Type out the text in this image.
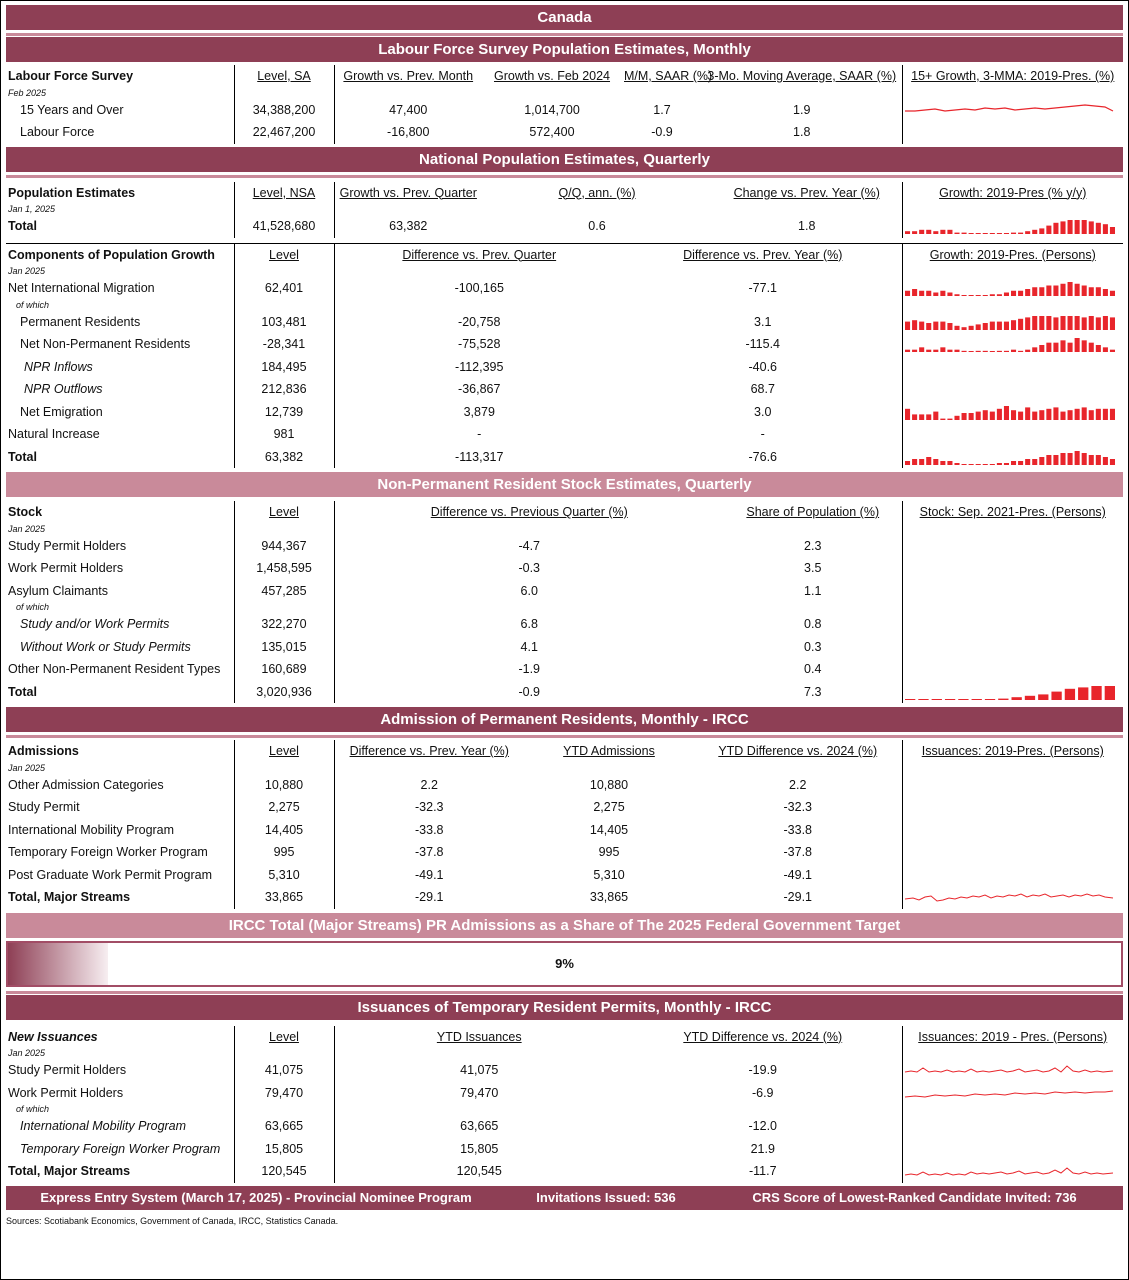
Canada
Labour Force Survey Population Estimates, Monthly
Labour Force Survey	Level, SA	Growth vs. Prev. Month	Growth vs. Feb 2024	M/M, SAAR (%)	3-Mo. Moving Average, SAAR (%)	15+ Growth, 3-MMA: 2019-Pres. (%)
Feb 2025				

15 Years and Over	34,388,200	47,400	1,014,700	1.7	1.9	
Labour Force	22,467,200	-16,800	572,400	-0.9	1.8	
National Population Estimates, Quarterly
Population Estimates	Level, NSA	Growth vs. Prev. Quarter	Q/Q, ann. (%)	Change vs. Prev. Year (%)	Growth: 2019-Pres (% y/y)
Jan 1, 2025					
Total	41,528,680	63,382	0.6	1.8	
Components of Population Growth	Level	Difference vs. Prev. Quarter	Difference vs. Prev. Year (%)	Growth: 2019-Pres. (Persons)
Jan 2025				
Net International Migration	62,401	-100,165	-77.1	

of which				
Permanent Residents	103,481	-20,758	3.1	

Net Non-Permanent Residents	-28,341	-75,528	-115.4	

NPR Inflows	184,495	-112,395	-40.6	
NPR Outflows	212,836	-36,867	68.7	
Net Emigration	12,739	3,879	3.0	

Natural Increase	981	-	-	
Total	63,382	-113,317	-76.6	
Non-Permanent Resident Stock Estimates, Quarterly
Stock	Level	Difference vs. Previous Quarter (%)	Share of Population (%)	Stock: Sep. 2021-Pres. (Persons)
Jan 2025				
Study Permit Holders	944,367	-4.7	2.3	
Work Permit Holders	1,458,595	-0.3	3.5	
Asylum Claimants	457,285	6.0	1.1	
of which				
Study and/or Work Permits	322,270	6.8	0.8	
Without Work or Study Permits	135,015	4.1	0.3	
Other Non-Permanent Resident Types	160,689	-1.9	0.4	
Total	3,020,936	-0.9	7.3	
Admission of Permanent Residents, Monthly - IRCC
Admissions	Level	Difference vs. Prev. Year (%)	YTD Admissions	YTD Difference vs. 2024 (%)	Issuances: 2019-Pres. (Persons)
Jan 2025					
Other Admission Categories	10,880	2.2	10,880	2.2	
Study Permit	2,275	-32.3	2,275	-32.3	
International Mobility Program	14,405	-33.8	14,405	-33.8	
Temporary Foreign Worker Program	995	-37.8	995	-37.8	
Post Graduate Work Permit Program	5,310	-49.1	5,310	-49.1	
Total, Major Streams	33,865	-29.1	33,865	-29.1	
IRCC Total (Major Streams) PR Admissions as a Share of The 2025 Federal Government Target
9%
Issuances of Temporary Resident Permits, Monthly - IRCC
New Issuances	Level	YTD Issuances	YTD Difference vs. 2024 (%)	Issuances: 2019 - Pres. (Persons)
Jan 2025				
Study Permit Holders	41,075	41,075	-19.9	

Work Permit Holders	79,470	79,470	-6.9	

of which				
International Mobility Program	63,665	63,665	-12.0	
Temporary Foreign Worker Program	15,805	15,805	21.9	
Total, Major Streams	120,545	120,545	-11.7	
Express Entry System (March 17, 2025) - Provincial Nominee Program	Invitations Issued: 536	CRS Score of Lowest-Ranked Candidate Invited: 736
Sources: Scotiabank Economics, Government of Canada, IRCC, Statistics Canada.
